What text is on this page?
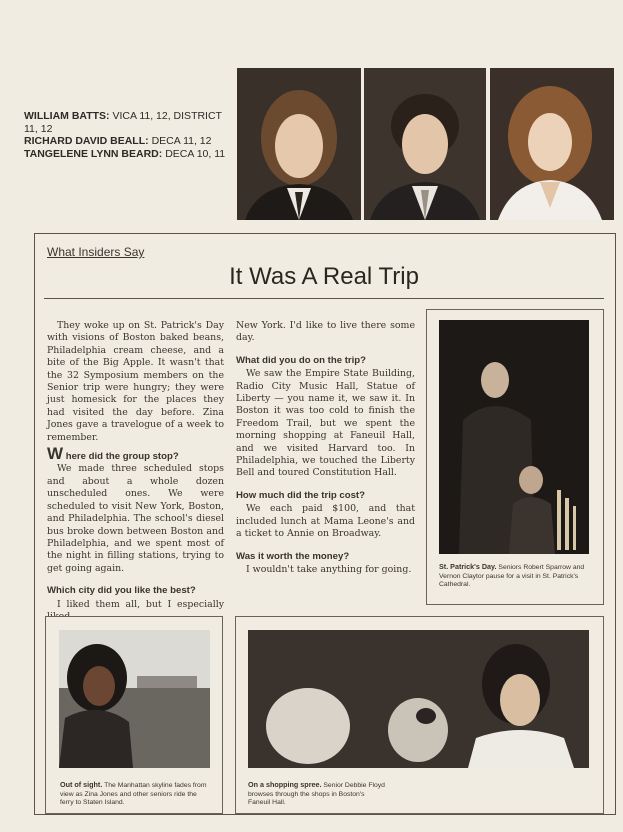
WILLIAM BATTS: VICA 11, 12, DISTRICT 11, 12
RICHARD DAVID BEALL: DECA 11, 12
TANGELENE LYNN BEARD: DECA 10, 11
What Insiders Say
It Was A Real Trip

They woke up on St. Patrick's Day with visions of Boston baked beans, Philadelphia cream cheese, and a bite of the Big Apple. It wasn't that the 32 Symposium members on the Senior trip were hungry; they were just homesick for the places they had visited the day before. Zina Jones gave a travelogue of a week to remember.

W here did the group stop?

We made three scheduled stops and about a whole dozen unscheduled ones. We were scheduled to visit New York, Boston, and Philadelphia. The school's diesel bus broke down between Boston and Philadelphia, and we spent most of the night in filling stations, trying to get going again.

Which city did you like the best?

I liked them all, but I especially

New York. I'd like to live there some day.

What did you do on the trip?

We saw the Empire State Building, Radio City Music Hall, Statue of Liberty — you name it, we saw it. In Boston it was too cold to finish the Freedom Trail, but we spent the morning shopping at Faneuil Hall, and we visited Harvard too. In Philadelphia, we touched the Liberty Bell and toured Constitution Hall.

How much did the trip cost?

We each paid $100, and that included lunch at Mama Leone's and a ticket to Annie on Broadway.

Was it worth the money?

I wouldn't take anything for going.	St. Patrick's Day. Seniors Robert Sparrow and Vernon Claytor pause for a visit in St. Patrick's Cathedral.
Out of sight. The Manhattan skyline fades from view as Zina Jones and other seniors ride the ferry to Staten Island.
On a shopping spree. Senior Debbie Floyd browses through the shops in Boston's Faneuil Hall.
